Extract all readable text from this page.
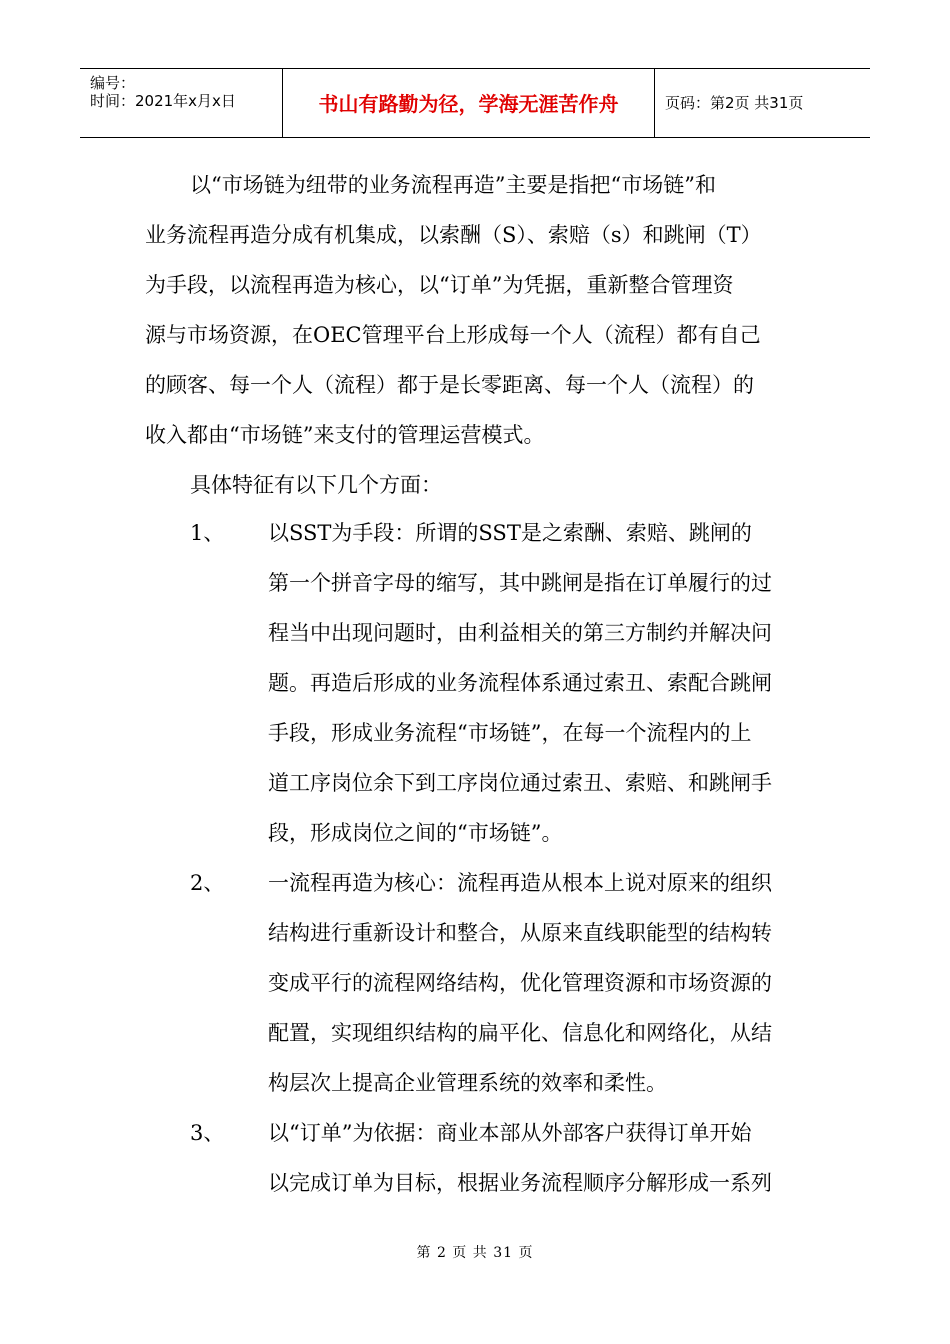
编号：
时间：2021年x月x日	书山有路勤为径，学海无涯苦作舟	页码：第2页 共31页
以“市场链为纽带的业务流程再造”主要是指把“市场链”和
业务流程再造分成有机集成，以索酬（S）、索赔（s）和跳闸（T）
为手段，以流程再造为核心，以“订单”为凭据，重新整合管理资
源与市场资源，在OEC管理平台上形成每一个人（流程）都有自己
的顾客、每一个人（流程）都于是长零距离、每一个人（流程）的
收入都由“市场链”来支付的管理运营模式。
具体特征有以下几个方面：
1、 以SST为手段：所谓的SST是之索酬、索赔、跳闸的
第一个拼音字母的缩写，其中跳闸是指在订单履行的过
程当中出现问题时，由利益相关的第三方制约并解决问
题。再造后形成的业务流程体系通过索丑、索配合跳闸
手段，形成业务流程“市场链”，在每一个流程内的上
道工序岗位余下到工序岗位通过索丑、索赔、和跳闸手
段，形成岗位之间的“市场链”。
2、 一流程再造为核心：流程再造从根本上说对原来的组织
结构进行重新设计和整合，从原来直线职能型的结构转
变成平行的流程网络结构，优化管理资源和市场资源的
配置，实现组织结构的扁平化、信息化和网络化，从结
构层次上提高企业管理系统的效率和柔性。
3、 以“订单”为依据：商业本部从外部客户获得订单开始
以完成订单为目标，根据业务流程顺序分解形成一系列
第 2 页 共 31 页
